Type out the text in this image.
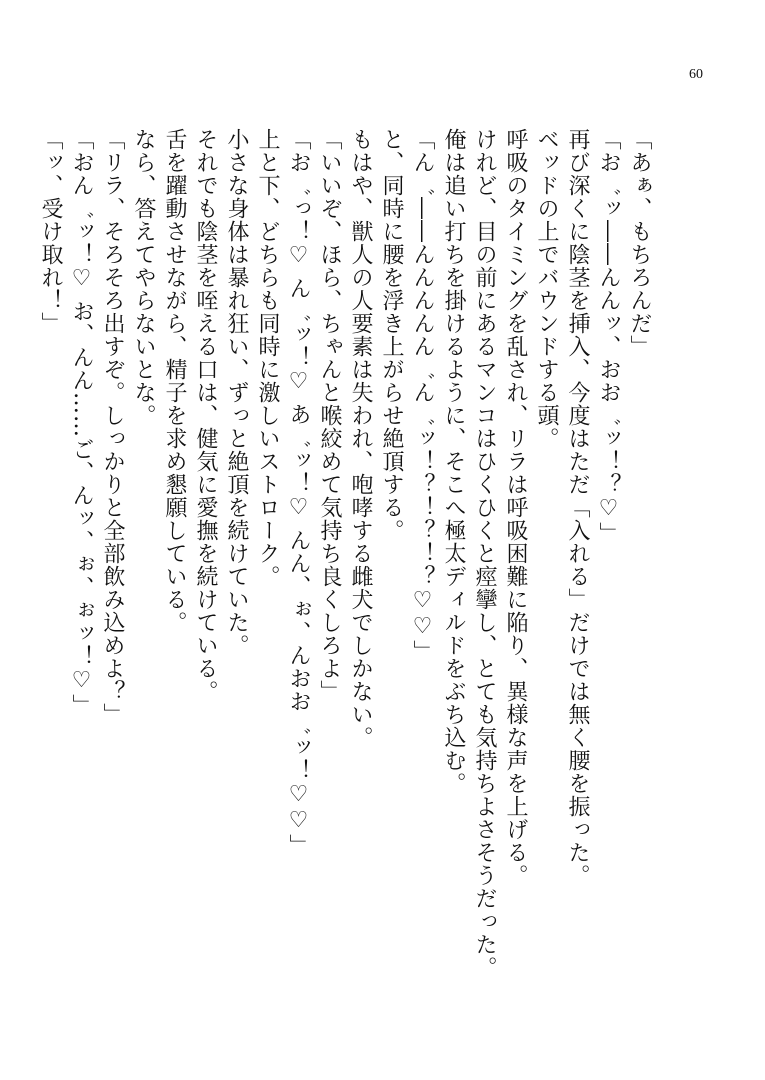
60
「あぁ、もちろんだ」
「お゛ッ――んんッ、おお゛ッ！？♡」
再び深くに陰茎を挿入、今度はただ「入れる」だけでは無く腰を振った。
ベッドの上でバウンドする頭。
呼吸のタイミングを乱され、リラは呼吸困難に陥り、異様な声を上げる。
けれど、目の前にあるマンコはひくひくと痙攣し、とても気持ちよさそうだった。
俺は追い打ちを掛けるように、そこへ極太ディルドをぶち込む。
「ん゛――んんんんん゛ん゛ッ！？！？！？♡♡」
と、同時に腰を浮き上がらせ絶頂する。
もはや、獣人の人要素は失われ、咆哮する雌犬でしかない。
「いいぞ、ほら、ちゃんと喉絞めて気持ち良くしろよ」
「お゛っ！♡ ん゛ッ！♡ あ゛ッ！♡ んん、ぉ、んおお゛ッ！♡♡」
上と下、どちらも同時に激しいストローク。
小さな身体は暴れ狂い、ずっと絶頂を続けていた。
それでも陰茎を咥える口は、健気に愛撫を続けている。
舌を躍動させながら、精子を求め懇願している。
なら、答えてやらないとな。
「リラ、そろそろ出すぞ。しっかりと全部飲み込めよ？」
「おん゛ッ！♡ お、んん……ご、んッ、ぉ、ぉッ！♡」
「ッ、受け取れ！」
